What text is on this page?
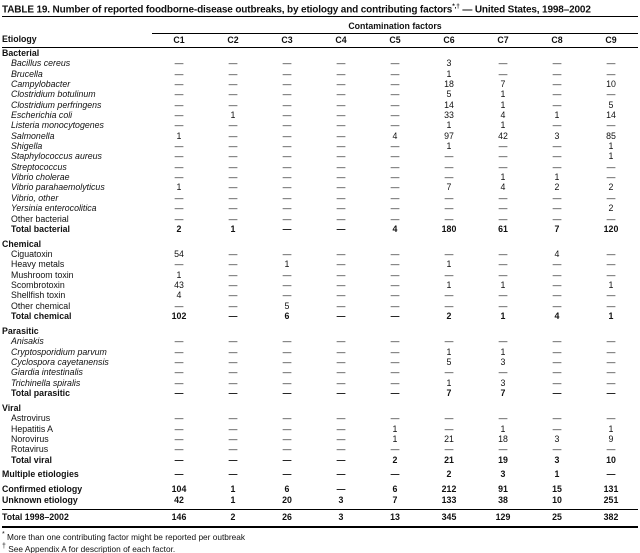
TABLE 19. Number of reported foodborne-disease outbreaks, by etiology and contributing factors*,† — United States, 1998–2002
	Contamination factors								
Etiology	C1	C2	C3	C4	C5	C6	C7	C8	C9
Bacterial									
Bacillus cereus	—	—	—	—	—	3	—	—	—
Brucella	—	—	—	—	—	1	—	—	—
Campylobacter	—	—	—	—	—	18	7	—	10
Clostridium botulinum	—	—	—	—	—	5	1	—	—
Clostridium perfringens	—	—	—	—	—	14	1	—	5
Escherichia coli	—	1	—	—	—	33	4	1	14
Listeria monocytogenes	—	—	—	—	—	1	1	—	—
Salmonella	1	—	—	—	4	97	42	3	85
Shigella	—	—	—	—	—	1	—	—	1
Staphylococcus aureus	—	—	—	—	—	—	—	—	1
Streptococcus	—	—	—	—	—	—	—	—	—
Vibrio cholerae	—	—	—	—	—	—	1	1	—
Vibrio parahaemolyticus	1	—	—	—	—	7	4	2	2
Vibrio, other	—	—	—	—	—	—	—	—	—
Yersinia enterocolitica	—	—	—	—	—	—	—	—	2
Other bacterial	—	—	—	—	—	—	—	—	—
Total bacterial	2	1	—	—	4	180	61	7	120

Chemical									
Ciguatoxin	54	—	—	—	—	—	—	4	—
Heavy metals	—	—	1	—	—	1	—	—	—
Mushroom toxin	1	—	—	—	—	—	—	—	—
Scombrotoxin	43	—	—	—	—	1	1	—	1
Shellfish toxin	4	—	—	—	—	—	—	—	—
Other chemical	—	—	5	—	—	—	—	—	—
Total chemical	102	—	6	—	—	2	1	4	1

Parasitic									
Anisakis	—	—	—	—	—	—	—	—	—
Cryptosporidium parvum	—	—	—	—	—	1	1	—	—
Cyclospora cayetanensis	—	—	—	—	—	5	3	—	—
Giardia intestinalis	—	—	—	—	—	—	—	—	—
Trichinella spiralis	—	—	—	—	—	1	3	—	—
Total parasitic	—	—	—	—	—	7	7	—	—

Viral									
Astrovirus	—	—	—	—	—	—	—	—	—
Hepatitis A	—	—	—	—	1	—	1	—	1
Norovirus	—	—	—	—	1	21	18	3	9
Rotavirus	—	—	—	—	—	—	—	—	—
Total viral	—	—	—	—	2	21	19	3	10

Multiple etiologies	—	—	—	—	—	2	3	1	—

Confirmed etiology	104	1	6	—	6	212	91	15	131
Unknown etiology	42	1	20	3	7	133	38	10	251

Total 1998–2002	146	2	26	3	13	345	129	25	382
* More than one contributing factor might be reported per outbreak
† See Appendix A for description of each factor.
